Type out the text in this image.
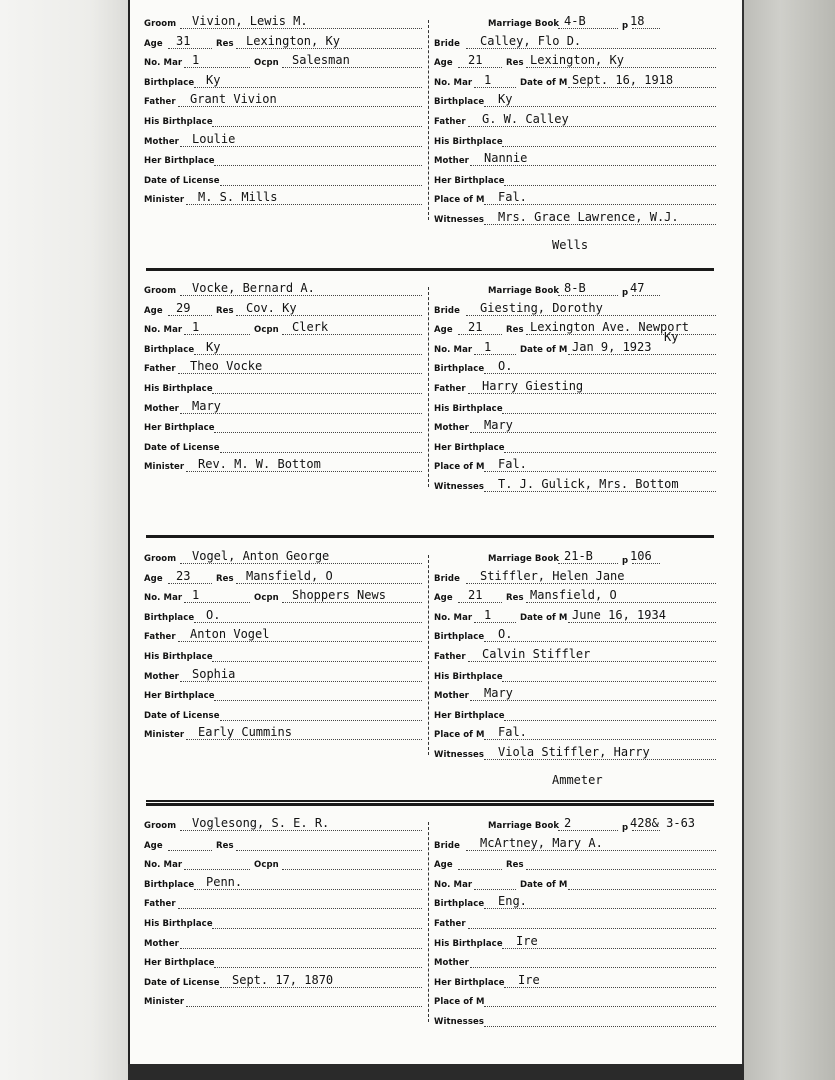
Groom Vivion, Lewis M.
Age 31	Res Lexington, Ky
No. Mar 1	Ocpn Salesman
Birthplace Ky
Father Grant Vivion
His Birthplace
Mother Loulie
Her Birthplace
Date of License
Minister M. S. Mills
Marriage Book 4-B	p 18
Bride Calley, Flo D.
Age 21	Res Lexington, Ky
No. Mar 1	Date of M Sept. 16, 1918
Birthplace Ky
Father G. W. Calley
His Birthplace
Mother Nannie
Her Birthplace
Place of M Fal.
Witnesses Mrs. Grace Lawrence, W.J.
Wells
Groom Vocke, Bernard A.
Age 29	Res Cov. Ky
No. Mar 1	Ocpn Clerk
Birthplace Ky
Father Theo Vocke
His Birthplace
Mother Mary
Her Birthplace
Date of License
Minister Rev. M. W. Bottom
Marriage Book 8-B	p 47
Bride Giesting, Dorothy
Age 21	Res Lexington Ave. Newport
No. Mar 1	Date of M Jan 9, 1923
Birthplace O.
Father Harry Giesting
His Birthplace
Mother Mary
Her Birthplace
Place of M Fal.
Witnesses T. J. Gulick, Mrs. Bottom
Ky
Groom Vogel, Anton George
Age 23	Res Mansfield, O
No. Mar 1	Ocpn Shoppers News
Birthplace O.
Father Anton Vogel
His Birthplace
Mother Sophia
Her Birthplace
Date of License
Minister Early Cummins
Marriage Book 21-B	p 106
Bride Stiffler, Helen Jane
Age 21	Res Mansfield, O
No. Mar 1	Date of M June 16, 1934
Birthplace O.
Father Calvin Stiffler
His Birthplace
Mother Mary
Her Birthplace
Place of M Fal.
Witnesses Viola Stiffler, Harry
Ammeter
Groom Voglesong, S. E. R.
Age	Res
No. Mar	Ocpn
Birthplace Penn.
Father
His Birthplace
Mother
Her Birthplace
Date of License Sept. 17, 1870
Minister
Marriage Book 2	p 428& 3-63
Bride McArtney, Mary A.
Age	Res
No. Mar	Date of M
Birthplace Eng.
Father
His Birthplace Ire
Mother
Her Birthplace Ire
Place of M
Witnesses
